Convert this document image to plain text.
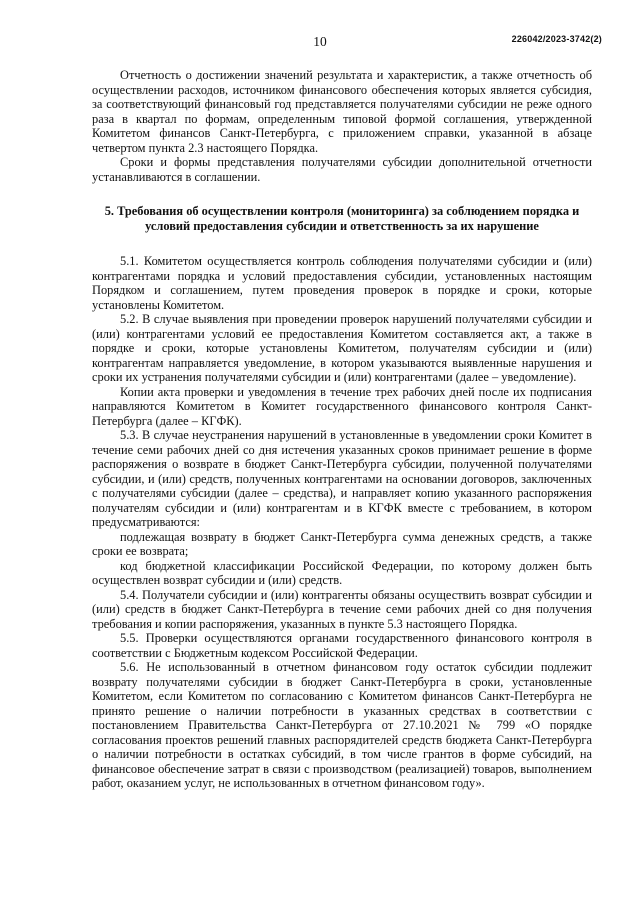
10	226042/2023-3742(2)

Отчетность о достижении значений результата и характеристик, а также отчетность об осуществлении расходов, источником финансового обеспечения которых является субсидия, за соответствующий финансовый год представляется получателями субсидии не реже одного раза в квартал по формам, определенным типовой формой соглашения, утвержденной Комитетом финансов Санкт-Петербурга, с приложением справки, указанной в абзаце четвертом пункта 2.3 настоящего Порядка.

Сроки и формы представления получателями субсидии дополнительной отчетности устанавливаются в соглашении.

5. Требования об осуществлении контроля (мониторинга) за соблюдением порядка и условий предоставления субсидии и ответственность за их нарушение

5.1. Комитетом осуществляется контроль соблюдения получателями субсидии и (или) контрагентами порядка и условий предоставления субсидии, установленных настоящим Порядком и соглашением, путем проведения проверок в порядке и сроки, которые установлены Комитетом.

5.2. В случае выявления при проведении проверок нарушений получателями субсидии и (или) контрагентами условий ее предоставления Комитетом составляется акт, а также в порядке и сроки, которые установлены Комитетом, получателям субсидии и (или) контрагентам направляется уведомление, в котором указываются выявленные нарушения и сроки их устранения получателями субсидии и (или) контрагентами (далее – уведомление).

Копии акта проверки и уведомления в течение трех рабочих дней после их подписания направляются Комитетом в Комитет государственного финансового контроля Санкт-Петербурга (далее – КГФК).

5.3. В случае неустранения нарушений в установленные в уведомлении сроки Комитет в течение семи рабочих дней со дня истечения указанных сроков принимает решение в форме распоряжения о возврате в бюджет Санкт-Петербурга субсидии, полученной получателями субсидии, и (или) средств, полученных контрагентами на основании договоров, заключенных с получателями субсидии (далее – средства), и направляет копию указанного распоряжения получателям субсидии и (или) контрагентам и в КГФК вместе с требованием, в котором предусматриваются:

подлежащая возврату в бюджет Санкт-Петербурга сумма денежных средств, а также сроки ее возврата;

код бюджетной классификации Российской Федерации, по которому должен быть осуществлен возврат субсидии и (или) средств.

5.4. Получатели субсидии и (или) контрагенты обязаны осуществить возврат субсидии и (или) средств в бюджет Санкт-Петербурга в течение семи рабочих дней со дня получения требования и копии распоряжения, указанных в пункте 5.3 настоящего Порядка.

5.5. Проверки осуществляются органами государственного финансового контроля в соответствии с Бюджетным кодексом Российской Федерации.

5.6. Не использованный в отчетном финансовом году остаток субсидии подлежит возврату получателями субсидии в бюджет Санкт-Петербурга в сроки, установленные Комитетом, если Комитетом по согласованию с Комитетом финансов Санкт-Петербурга не принято решение о наличии потребности в указанных средствах в соответствии с постановлением Правительства Санкт-Петербурга от 27.10.2021 № 799 «О порядке согласования проектов решений главных распорядителей средств бюджета Санкт-Петербурга о наличии потребности в остатках субсидий, в том числе грантов в форме субсидий, на финансовое обеспечение затрат в связи с производством (реализацией) товаров, выполнением работ, оказанием услуг, не использованных в отчетном финансовом году».
